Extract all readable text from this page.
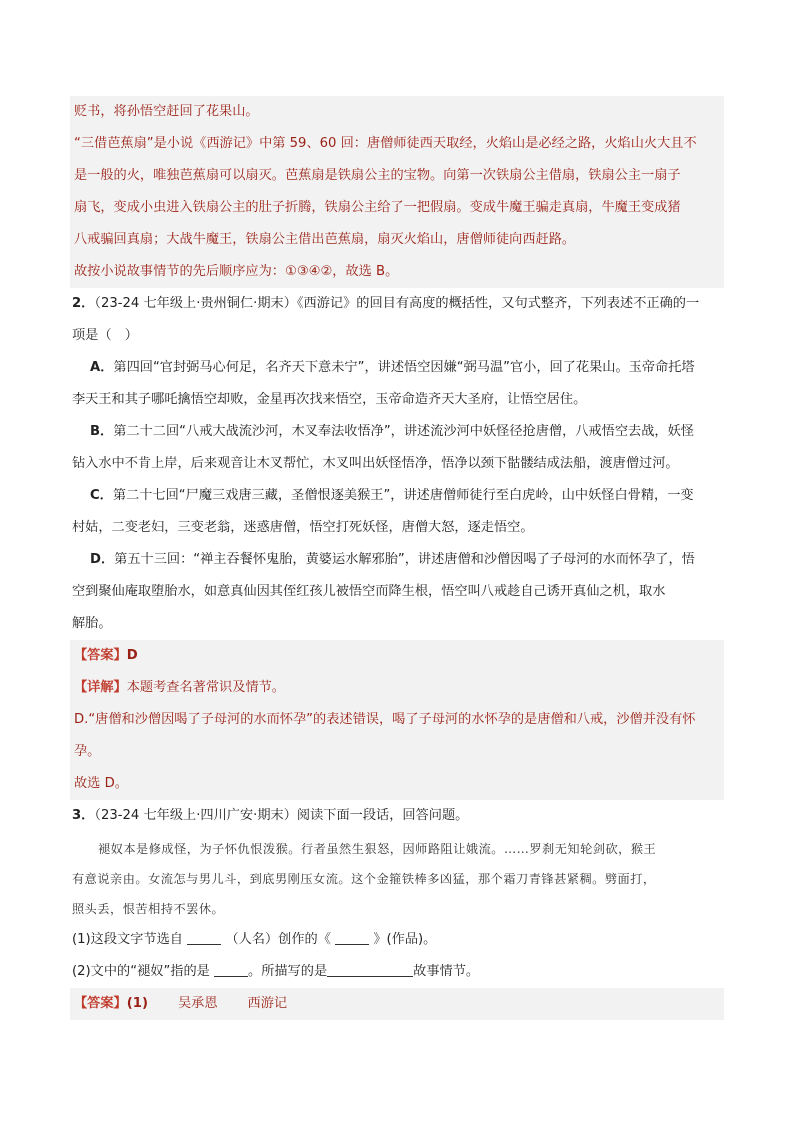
贬书，将孙悟空赶回了花果山。
“三借芭蕉扇”是小说《西游记》中第 59、60 回：唐僧师徒西天取经，火焰山是必经之路，火焰山火大且不
是一般的火，唯独芭蕉扇可以扇灭。芭蕉扇是铁扇公主的宝物。向第一次铁扇公主借扇，铁扇公主一扇子
扇飞，变成小虫进入铁扇公主的肚子折腾，铁扇公主给了一把假扇。变成牛魔王骗走真扇，牛魔王变成猪
八戒骗回真扇；大战牛魔王，铁扇公主借出芭蕉扇，扇灭火焰山，唐僧师徒向西赶路。
故按小说故事情节的先后顺序应为：①③④②，故选 B。
2．（23-24 七年级上·贵州铜仁·期末）《西游记》的回目有高度的概括性，又句式整齐，下列表述不正确的一
项是（　）
A．第四回“官封弼马心何足，名齐天下意未宁”，讲述悟空因嫌“弼马温”官小，回了花果山。玉帝命托塔
李天王和其子哪吒擒悟空却败，金星再次找来悟空，玉帝命造齐天大圣府，让悟空居住。
B．第二十二回“八戒大战流沙河，木叉奉法收悟净”，讲述流沙河中妖怪径抢唐僧，八戒悟空去战，妖怪
钻入水中不肯上岸，后来观音让木叉帮忙，木叉叫出妖怪悟净，悟净以颈下骷髅结成法船，渡唐僧过河。
C．第二十七回“尸魔三戏唐三藏，圣僧恨逐美猴王”，讲述唐僧师徒行至白虎岭，山中妖怪白骨精，一变
村姑，二变老妇，三变老翁，迷惑唐僧，悟空打死妖怪，唐僧大怒，逐走悟空。
D．第五十三回：“禅主吞餐怀鬼胎，黄婆运水解邪胎”，讲述唐僧和沙僧因喝了子母河的水而怀孕了，悟
空到聚仙庵取堕胎水，如意真仙因其侄红孩儿被悟空而降生根，悟空叫八戒趁自己诱开真仙之机，取水
解胎。
【答案】D
【详解】本题考查名著常识及情节。
D.“唐僧和沙僧因喝了子母河的水而怀孕”的表述错误，喝了子母河的水怀孕的是唐僧和八戒，沙僧并没有怀
孕。
故选 D。
3．（23-24 七年级上·四川广安·期末）阅读下面一段话，回答问题。
褪奴本是修成怪，为子怀仇恨泼猴。行者虽然生狠怒，因师路阻让娥流。……罗刹无知轮剑砍，猴王
有意说亲由。女流怎与男儿斗，到底男刚压女流。这个金箍铁棒多凶猛，那个霜刀青锋甚紧稠。劈面打，
照头丢，恨苦相持不罢休。
(1)这段文字节选自	（人名）创作的《	》(作品)。
(2)文中的“褪奴”指的是	。所描写的是	故事情节。
【答案】(1) 吴承恩 西游记
